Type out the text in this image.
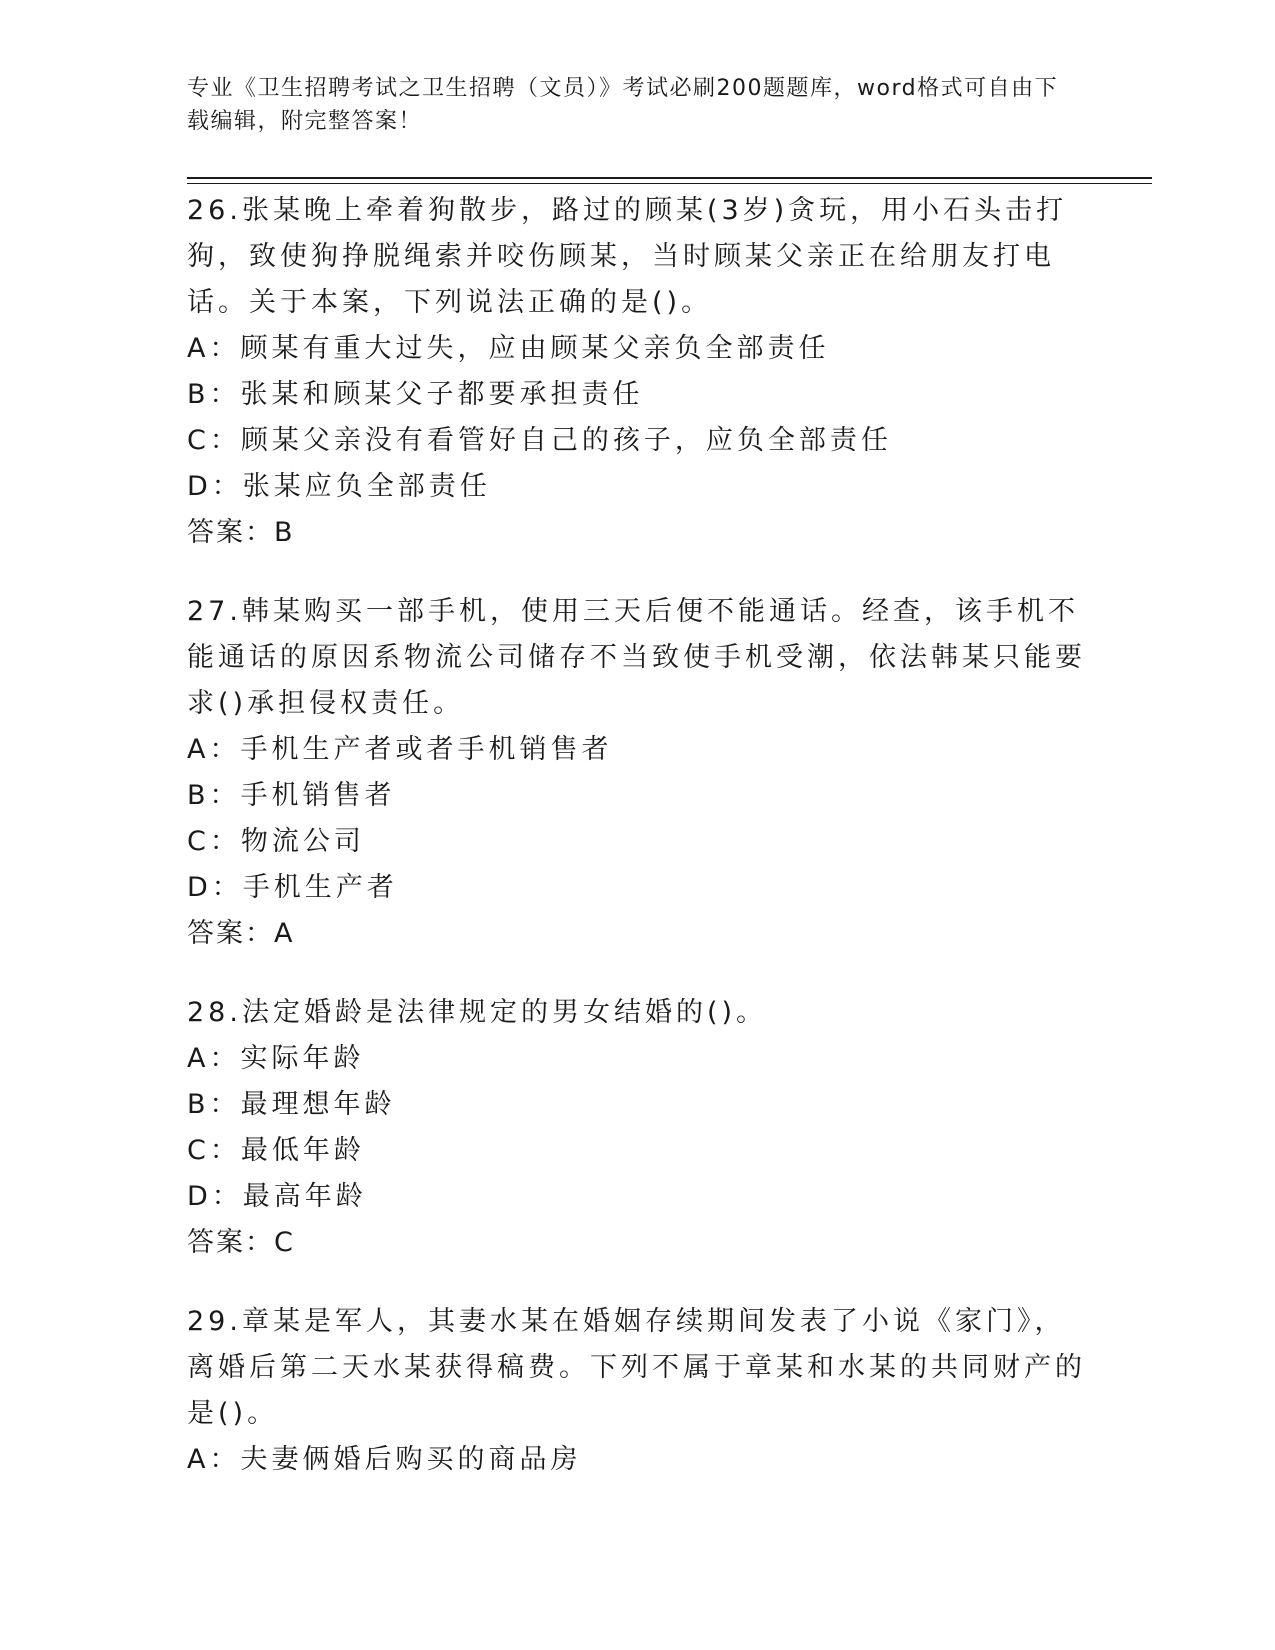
专业《卫生招聘考试之卫生招聘（文员）》考试必刷200题题库，word格式可自由下载编辑，附完整答案！
26.张某晚上牵着狗散步，路过的顾某(3岁)贪玩，用小石头击打狗，致使狗挣脱绳索并咬伤顾某，当时顾某父亲正在给朋友打电话。关于本案，下列说法正确的是()。
A：顾某有重大过失，应由顾某父亲负全部责任
B：张某和顾某父子都要承担责任
C：顾某父亲没有看管好自己的孩子，应负全部责任
D：张某应负全部责任
答案：B
27.韩某购买一部手机，使用三天后便不能通话。经查，该手机不能通话的原因系物流公司储存不当致使手机受潮，依法韩某只能要求()承担侵权责任。
A：手机生产者或者手机销售者
B：手机销售者
C：物流公司
D：手机生产者
答案：A
28.法定婚龄是法律规定的男女结婚的()。
A：实际年龄
B：最理想年龄
C：最低年龄
D：最高年龄
答案：C
29.章某是军人，其妻水某在婚姻存续期间发表了小说《家门》，离婚后第二天水某获得稿费。下列不属于章某和水某的共同财产的是()。
A：夫妻俩婚后购买的商品房
